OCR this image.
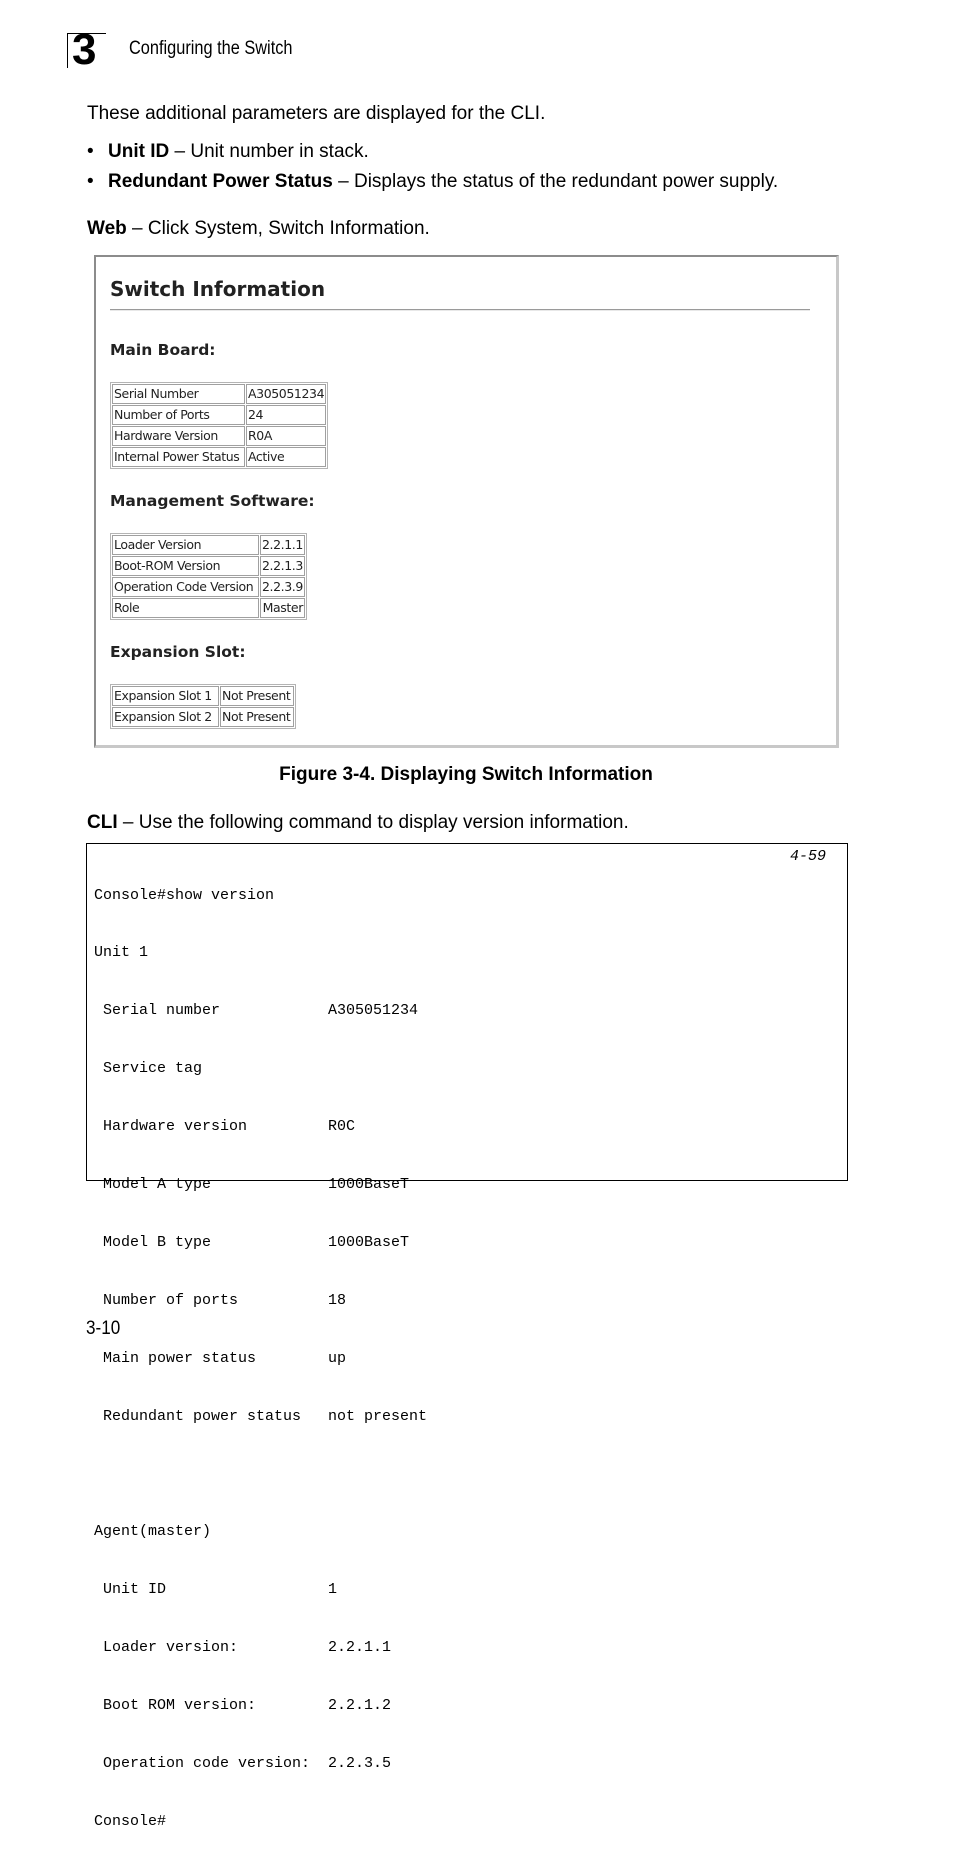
3 Configuring the Switch
These additional parameters are displayed for the CLI.
• Unit ID – Unit number in stack.
• Redundant Power Status – Displays the status of the redundant power supply.
Web – Click System, Switch Information.
Switch Information
Main Board:
Serial Number	A305051234
Number of Ports	24
Hardware Version	R0A
Internal Power Status	Active
Management Software:
Loader Version	2.2.1.1
Boot-ROM Version	2.2.1.3
Operation Code Version	2.2.3.9
Role	Master
Expansion Slot:
Expansion Slot 1	Not Present
Expansion Slot 2	Not Present
Figure 3-4. Displaying Switch Information
CLI – Use the following command to display version information.
4-59

Console#show version

Unit 1

Serial number            A305051234

Service tag

Hardware version         R0C

Model A type             1000BaseT

Model B type             1000BaseT

Number of ports          18

Main power status        up

Redundant power status   not present

Agent(master)

Unit ID                  1

Loader version:          2.2.1.1

Boot ROM version:        2.2.1.2

Operation code version:  2.2.3.5

Console#

3-10
